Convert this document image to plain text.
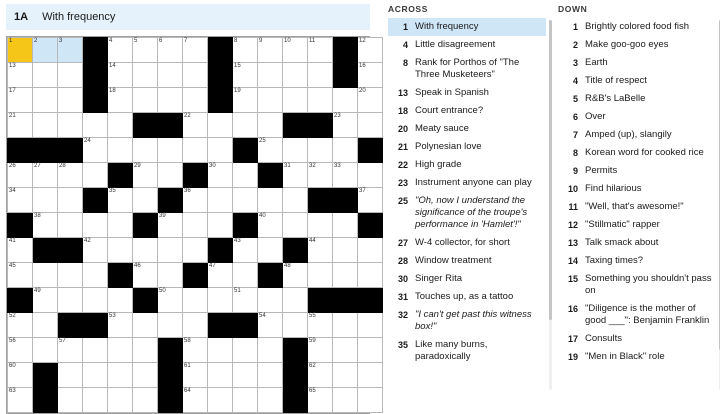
1A With frequency
1	2	3		4	5	6	7		8	9	10	11		12

13				14					15					16

17				18					19					20

21							22						23	

			24							25				

26	27	28			29			30			31	32	33	

34				35			36							37

	38					39				40				

41			42						43			44		

45					46			47			48			

	49					50			51					

52				53						54		55		

56		57					58					59		

60							61					62		

63							64					65		

ACROSS
1 With frequency
4 Little disagreement
8 Rank for Porthos of "The Three Musketeers"
13 Speak in Spanish
18 Court entrance?
20 Meaty sauce
21 Polynesian love
22 High grade
23 Instrument anyone can play
25 "Oh, now I understand the significance of the troupe's performance in 'Hamlet'!"
27 W-4 collector, for short
28 Window treatment
30 Singer Rita
31 Touches up, as a tattoo
32 "I can't get past this witness box!"
35 Like many burns, paradoxically
DOWN
1 Brightly colored food fish
2 Make goo-goo eyes
3 Earth
4 Title of respect
5 R&B's LaBelle
6 Over
7 Amped (up), slangily
8 Korean word for cooked rice
9 Permits
10 Find hilarious
11 "Well, that's awesome!"
12 "Stillmatic" rapper
13 Talk smack about
14 Taxing times?
15 Something you shouldn't pass on
16 "Diligence is the mother of good ___": Benjamin Franklin
17 Consults
19 "Men in Black" role
